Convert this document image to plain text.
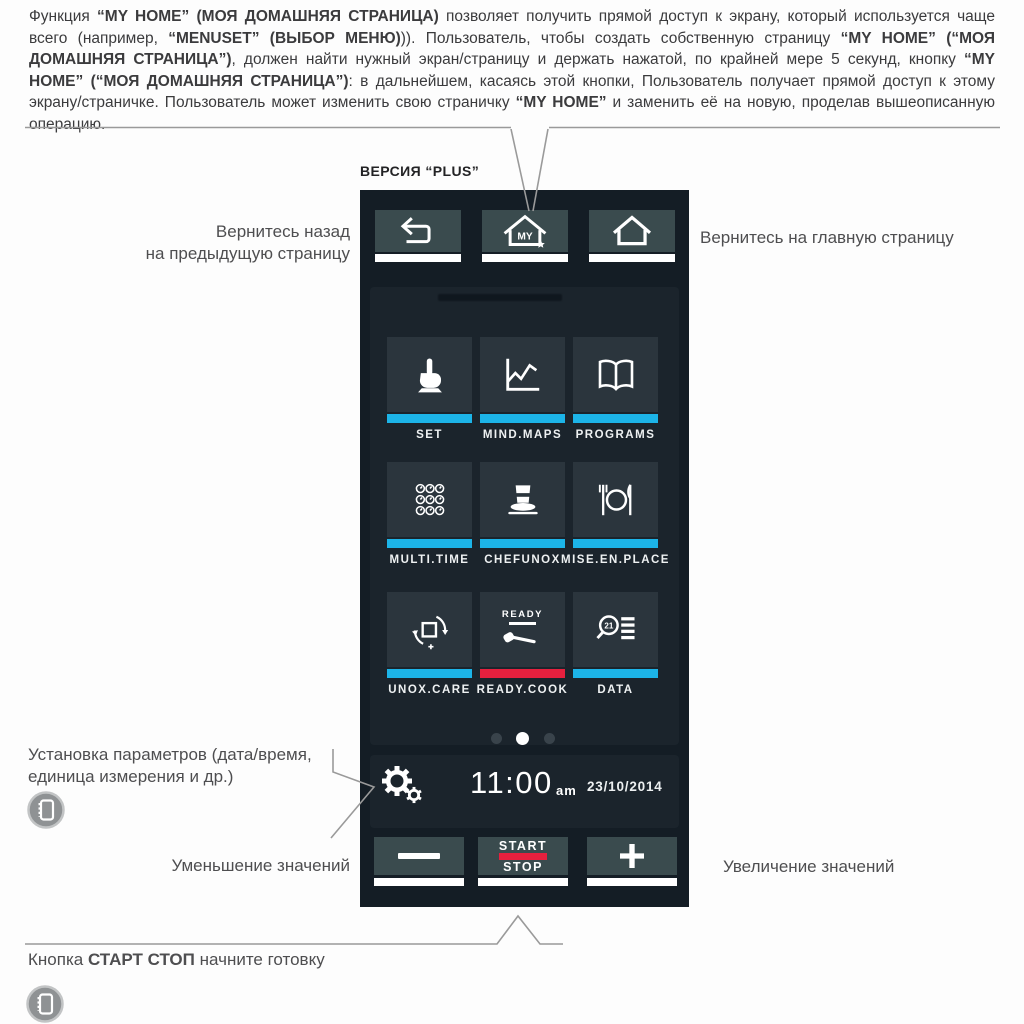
Функция “MY HOME” (МОЯ ДОМАШНЯЯ СТРАНИЦА) позволяет получить прямой доступ к экрану, который используется чаще всего (например, “MENUSET” (ВЫБОР МЕНЮ))). Пользователь, чтобы создать собственную страницу “MY HOME” (“МОЯ ДОМАШНЯЯ СТРАНИЦА”), должен найти нужный экран/страницу и держать нажатой, по крайней мере 5 секунд, кнопку “MY HOME” (“МОЯ ДОМАШНЯЯ СТРАНИЦА”): в дальнейшем, касаясь этой кнопки, Пользователь получает прямой доступ к этому экрану/страничке. Пользователь может изменить свою страничку “MY HOME” и заменить её на новую, проделав вышеописанную операцию.
ВЕРСИЯ “PLUS”
Вернитесь назад
на предыдущую страницу
Вернитесь на главную страницу
Установка параметров (дата/время,
единица измерения и др.)
Уменьшение значений	Увеличение значений
Кнопка СТАРТ СТОП начните готовку
MY
SET	MIND.MAPS PROGRAMS
MULTI.TIME CHEFUNOX MISE.EN.PLACE
UNOX.CARE
READY
READY.COOK
21
DATA
11:00 am 23/10/2014
START
STOP
